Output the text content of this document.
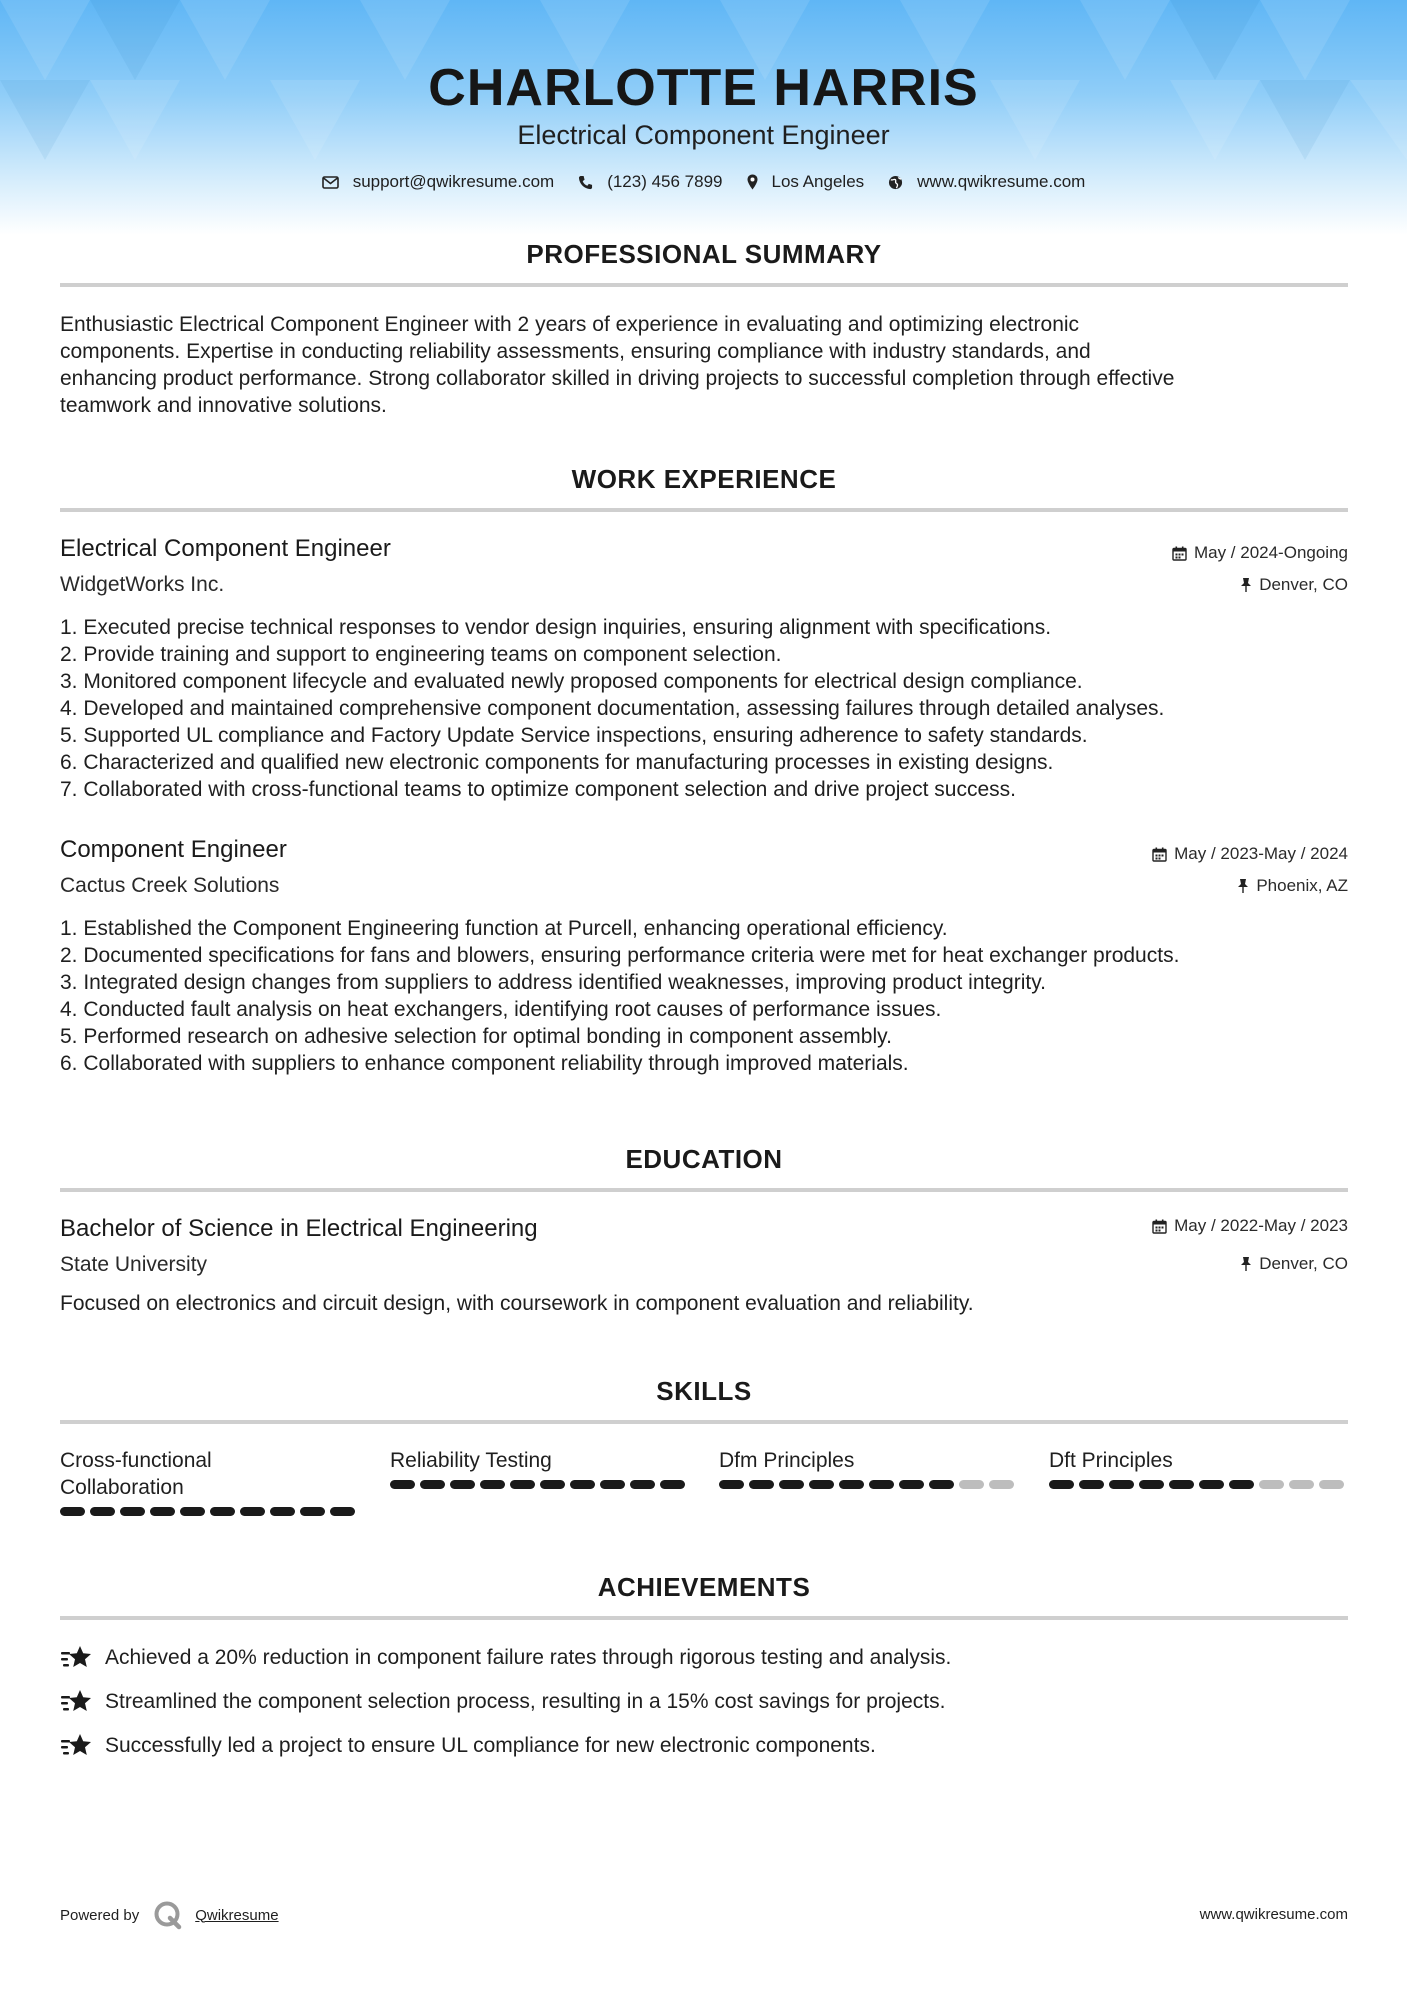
CHARLOTTE HARRIS
Electrical Component Engineer
support@qwikresume.com	(123) 456 7899	Los Angeles	www.qwikresume.com
PROFESSIONAL SUMMARY
Enthusiastic Electrical Component Engineer with 2 years of experience in evaluating and optimizing electronic
components. Expertise in conducting reliability assessments, ensuring compliance with industry standards, and
enhancing product performance. Strong collaborator skilled in driving projects to successful completion through effective
teamwork and innovative solutions.
WORK EXPERIENCE
Electrical Component Engineer	May / 2024-Ongoing
WidgetWorks Inc.	Denver, CO
1. Executed precise technical responses to vendor design inquiries, ensuring alignment with specifications.
2. Provide training and support to engineering teams on component selection.
3. Monitored component lifecycle and evaluated newly proposed components for electrical design compliance.
4. Developed and maintained comprehensive component documentation, assessing failures through detailed analyses.
5. Supported UL compliance and Factory Update Service inspections, ensuring adherence to safety standards.
6. Characterized and qualified new electronic components for manufacturing processes in existing designs.
7. Collaborated with cross-functional teams to optimize component selection and drive project success.
Component Engineer	May / 2023-May / 2024
Cactus Creek Solutions	Phoenix, AZ
1. Established the Component Engineering function at Purcell, enhancing operational efficiency.
2. Documented specifications for fans and blowers, ensuring performance criteria were met for heat exchanger products.
3. Integrated design changes from suppliers to address identified weaknesses, improving product integrity.
4. Conducted fault analysis on heat exchangers, identifying root causes of performance issues.
5. Performed research on adhesive selection for optimal bonding in component assembly.
6. Collaborated with suppliers to enhance component reliability through improved materials.
EDUCATION
Bachelor of Science in Electrical Engineering	May / 2022-May / 2023
State University	Denver, CO
Focused on electronics and circuit design, with coursework in component evaluation and reliability.
SKILLS
Cross-functional
Collaboration
Reliability Testing	Dfm Principles	Dft Principles
ACHIEVEMENTS
Achieved a 20% reduction in component failure rates through rigorous testing and analysis.
Streamlined the component selection process, resulting in a 15% cost savings for projects.
Successfully led a project to ensure UL compliance for new electronic components.
Powered by	Qwikresume	www.qwikresume.com
